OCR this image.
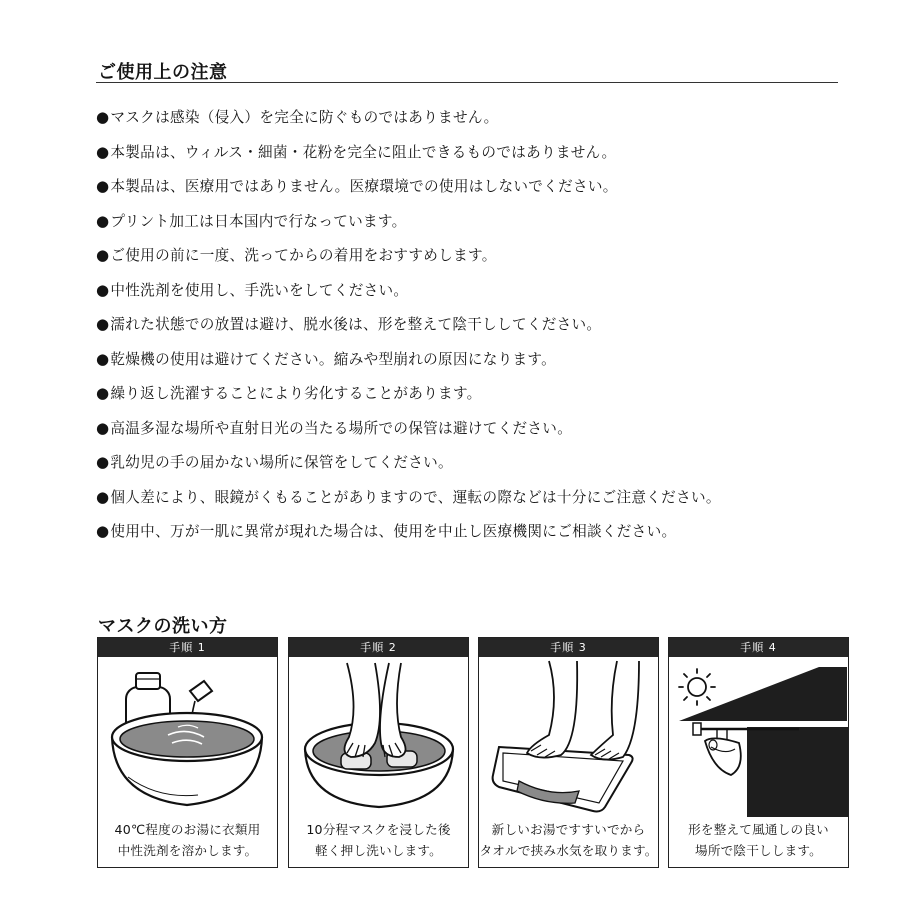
ご使用上の注意
●マスクは感染（侵入）を完全に防ぐものではありません。
●本製品は、ウィルス・細菌・花粉を完全に阻止できるものではありません。
●本製品は、医療用ではありません。医療環境での使用はしないでください。
●プリント加工は日本国内で行なっています。
●ご使用の前に一度、洗ってからの着用をおすすめします。
●中性洗剤を使用し、手洗いをしてください。
●濡れた状態での放置は避け、脱水後は、形を整えて陰干ししてください。
●乾燥機の使用は避けてください。縮みや型崩れの原因になります。
●繰り返し洗濯することにより劣化することがあります。
●高温多湿な場所や直射日光の当たる場所での保管は避けてください。
●乳幼児の手の届かない場所に保管をしてください。
●個人差により、眼鏡がくもることがありますので、運転の際などは十分にご注意ください。
●使用中、万が一肌に異常が現れた場合は、使用を中止し医療機関にご相談ください。
マスクの洗い方
手順 1
40℃程度のお湯に衣類用
中性洗剤を溶かします。
手順 2
10分程マスクを浸した後
軽く押し洗いします。
手順 3
新しいお湯ですすいでから
タオルで挟み水気を取ります。
手順 4
形を整えて風通しの良い
場所で陰干しします。
